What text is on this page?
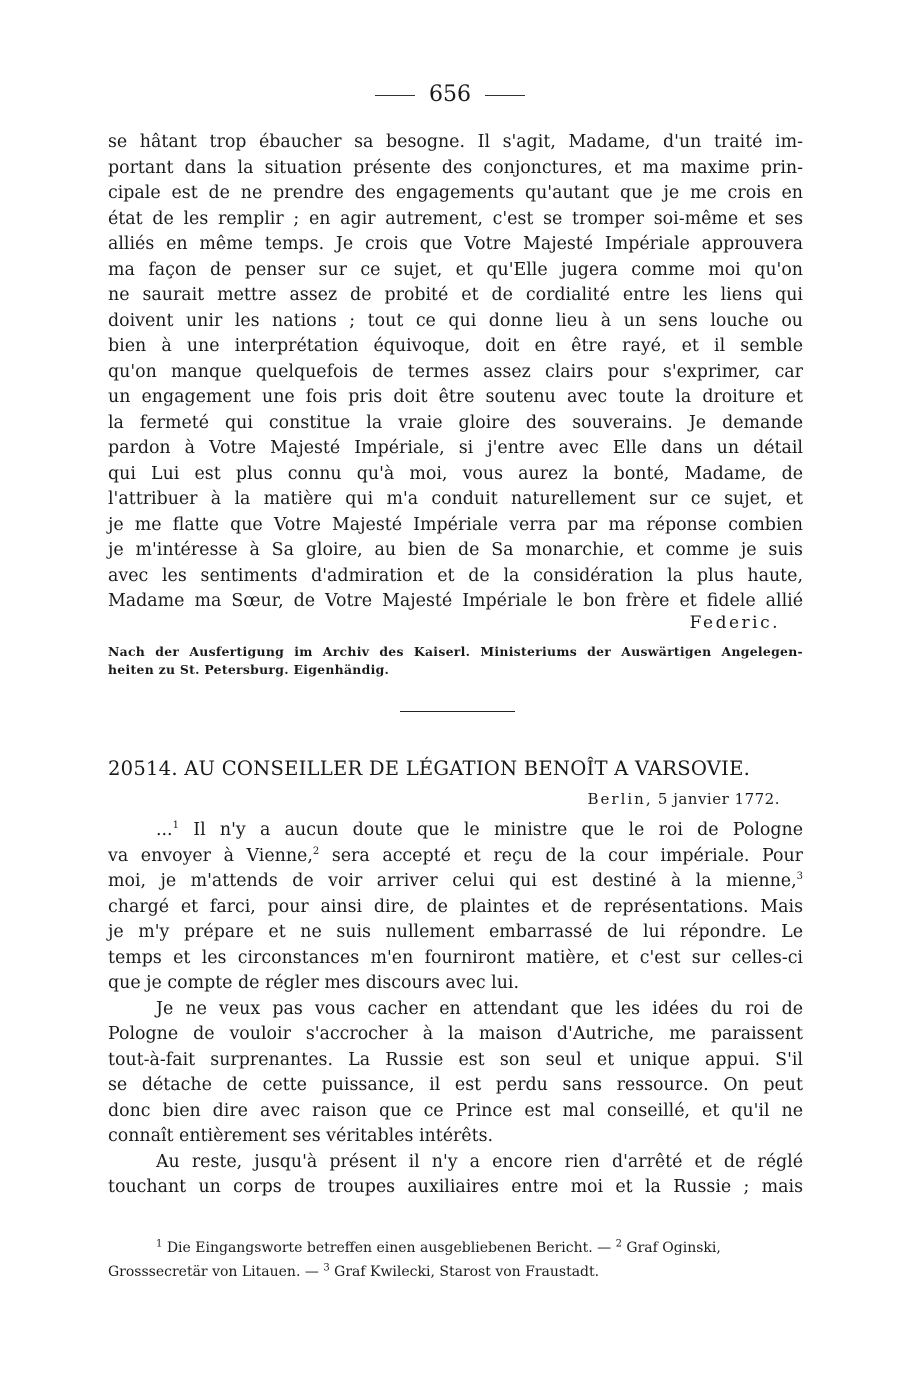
656
se hâtant trop ébaucher sa besogne. Il s'agit, Madame, d'un traité im-
portant dans la situation présente des conjonctures, et ma maxime prin-
cipale est de ne prendre des engagements qu'autant que je me crois en
état de les remplir ; en agir autrement, c'est se tromper soi-même et ses
alliés en même temps. Je crois que Votre Majesté Impériale approuvera
ma façon de penser sur ce sujet, et qu'Elle jugera comme moi qu'on
ne saurait mettre assez de probité et de cordialité entre les liens qui
doivent unir les nations ; tout ce qui donne lieu à un sens louche ou
bien à une interprétation équivoque, doit en être rayé, et il semble
qu'on manque quelquefois de termes assez clairs pour s'exprimer, car
un engagement une fois pris doit être soutenu avec toute la droiture et
la fermeté qui constitue la vraie gloire des souverains. Je demande
pardon à Votre Majesté Impériale, si j'entre avec Elle dans un détail
qui Lui est plus connu qu'à moi, vous aurez la bonté, Madame, de
l'attribuer à la matière qui m'a conduit naturellement sur ce sujet, et
je me flatte que Votre Majesté Impériale verra par ma réponse combien
je m'intéresse à Sa gloire, au bien de Sa monarchie, et comme je suis
avec les sentiments d'admiration et de la considération la plus haute,
Madame ma Sœur, de Votre Majesté Impériale le bon frère et fidele allié
Federic.
Nach der Ausfertigung im Archiv des Kaiserl. Ministeriums der Auswärtigen Angelegen-
heiten zu St. Petersburg. Eigenhändig.
20514. AU CONSEILLER DE LÉGATION BENOÎT A VARSOVIE.
Berlin, 5 janvier 1772.
...$^1$ Il n'y a aucun doute que le ministre que le roi de Pologne
va envoyer à Vienne,$^2$ sera accepté et reçu de la cour impériale. Pour
moi, je m'attends de voir arriver celui qui est destiné à la mienne,$^3$
chargé et farci, pour ainsi dire, de plaintes et de représentations. Mais
je m'y prépare et ne suis nullement embarrassé de lui répondre. Le
temps et les circonstances m'en fourniront matière, et c'est sur celles-ci
que je compte de régler mes discours avec lui.
Je ne veux pas vous cacher en attendant que les idées du roi de
Pologne de vouloir s'accrocher à la maison d'Autriche, me paraissent
tout-à-fait surprenantes. La Russie est son seul et unique appui. S'il
se détache de cette puissance, il est perdu sans ressource. On peut
donc bien dire avec raison que ce Prince est mal conseillé, et qu'il ne
connaît entièrement ses véritables intérêts.
Au reste, jusqu'à présent il n'y a encore rien d'arrêté et de réglé
touchant un corps de troupes auxiliaires entre moi et la Russie ; mais
$^1$ Die Eingangsworte betreffen einen ausgebliebenen Bericht. — $^2$ Graf Oginski,
Grosssecretär von Litauen. — $^3$ Graf Kwilecki, Starost von Fraustadt.
